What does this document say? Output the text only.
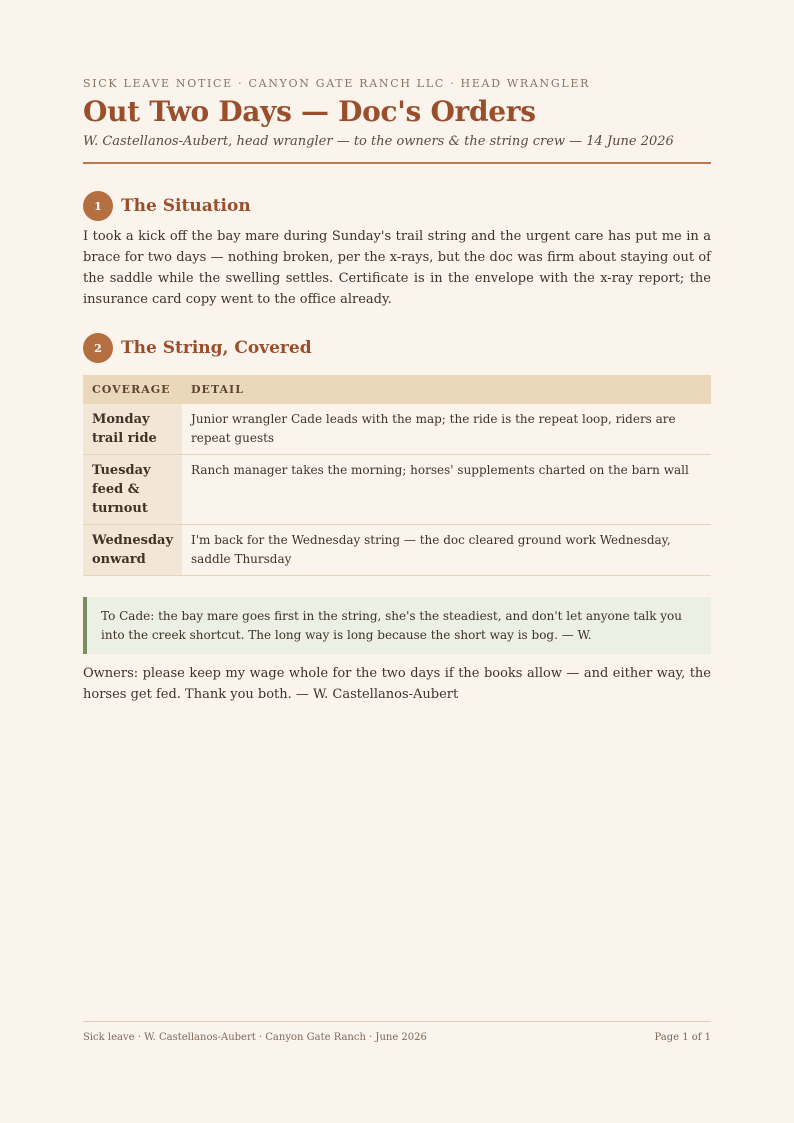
SICK LEAVE NOTICE · CANYON GATE RANCH LLC · HEAD WRANGLER
Out Two Days — Doc's Orders
W. Castellanos-Aubert, head wrangler — to the owners & the string crew — 14 June 2026
1	The Situation

I took a kick off the bay mare during Sunday's trail string and the urgent care has put me in a brace for two days — nothing broken, per the x-rays, but the doc was firm about staying out of the saddle while the swelling settles. Certificate is in the envelope with the x-ray report; the insurance card copy went to the office already.

2	The String, Covered
COVERAGE	DETAIL
Monday trail ride	Junior wrangler Cade leads with the map; the ride is the repeat loop, riders are repeat guests
Tuesday feed & turnout	Ranch manager takes the morning; horses' supplements charted on the barn wall
Wednesday onward	I'm back for the Wednesday string — the doc cleared ground work Wednesday, saddle Thursday
To Cade: the bay mare goes first in the string, she's the steadiest, and don't let anyone talk you into the creek shortcut. The long way is long because the short way is bog. — W.

Owners: please keep my wage whole for the two days if the books allow — and either way, the horses get fed. Thank you both. — W. Castellanos-Aubert

Sick leave · W. Castellanos-Aubert · Canyon Gate Ranch · June 2026	Page 1 of 1
